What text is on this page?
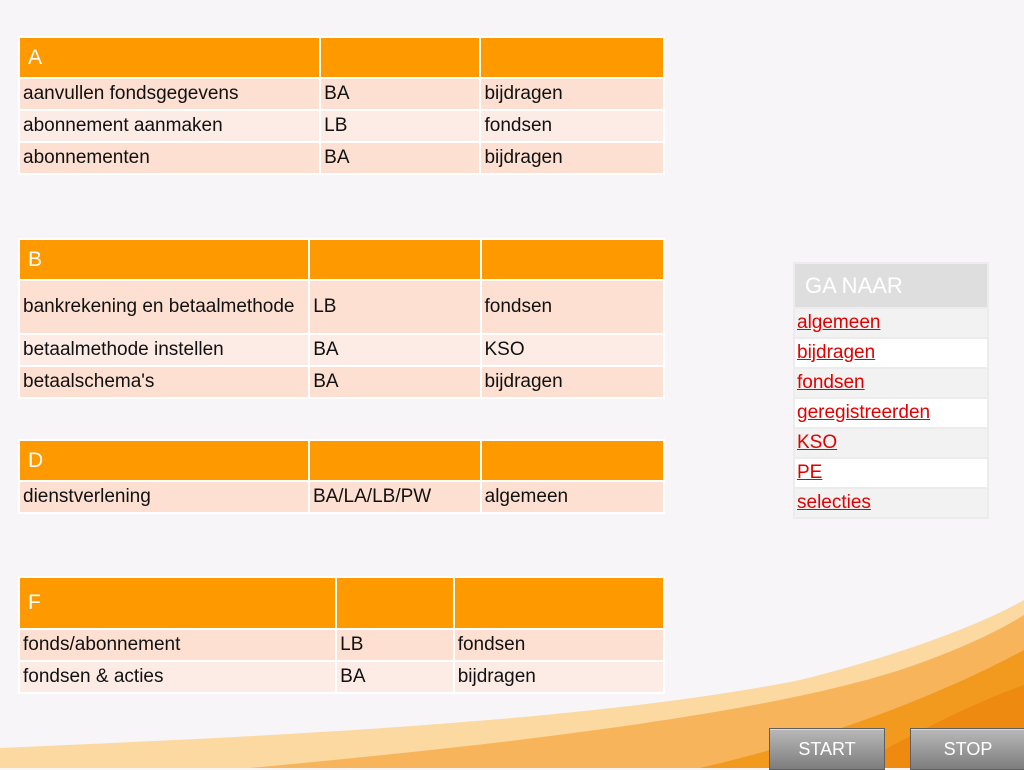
A		
aanvullen fondsgegevens	BA	bijdragen
abonnement aanmaken	LB	fondsen
abonnementen	BA	bijdragen
B		
bankrekening en betaalmethode	LB	fondsen
betaalmethode instellen	BA	KSO
betaalschema's	BA	bijdragen
D		
dienstverlening	BA/LA/LB/PW	algemeen
F		
fonds/abonnement	LB	fondsen
fondsen & acties	BA	bijdragen
GA NAAR
algemeen
bijdragen
fondsen
geregistreerden
KSO
PE
selecties
START	STOP
